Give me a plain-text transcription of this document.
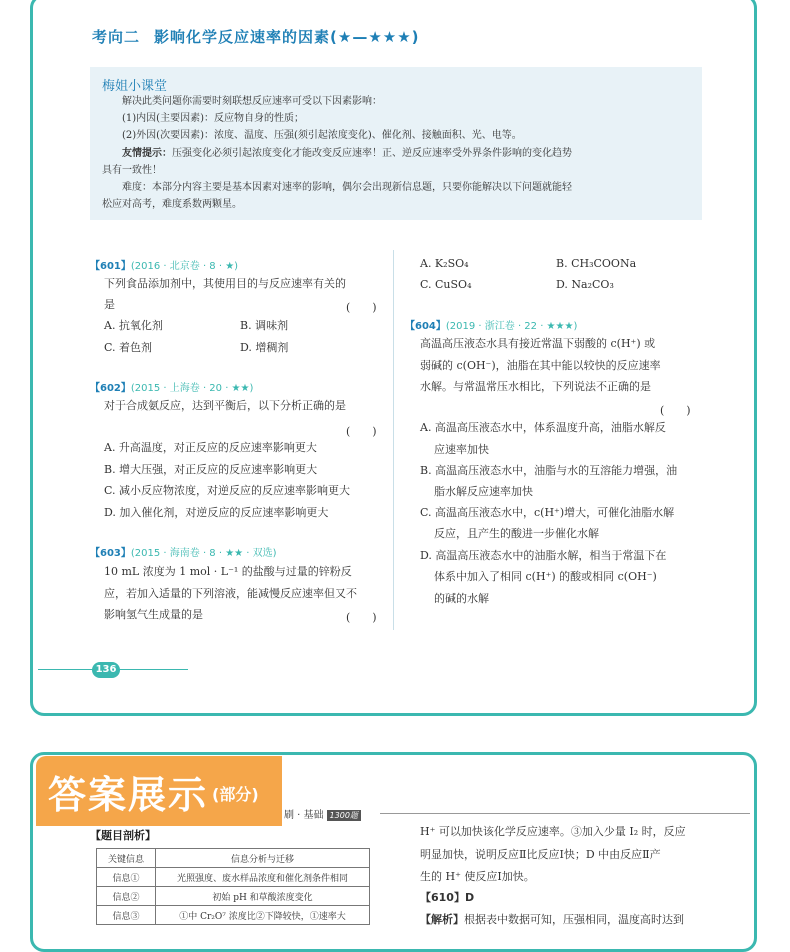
考向二 影响化学反应速率的因素(★—★★★)
梅姐小课堂

解决此类问题你需要时刻联想反应速率可受以下因素影响：

(1)内因(主要因素)：反应物自身的性质；

(2)外因(次要因素)：浓度、温度、压强(须引起浓度变化)、催化剂、接触面积、光、电等。

友情提示：压强变化必须引起浓度变化才能改变反应速率！正、逆反应速率受外界条件影响的变化趋势

具有一致性！

难度：本部分内容主要是基本因素对速率的影响，偶尔会出现新信息题，只要你能解决以下问题就能轻

松应对高考，难度系数两颗星。

【601】(2016 · 北京卷 · 8 · ★)
下列食品添加剂中，其使用目的与反应速率有关的
是	(　　)
A. 抗氧化剂	B. 调味剂
C. 着色剂	D. 增稠剂
【602】(2015 · 上海卷 · 20 · ★★)
对于合成氨反应，达到平衡后，以下分析正确的是
(　　)
A. 升高温度，对正反应的反应速率影响更大
B. 增大压强，对正反应的反应速率影响更大
C. 减小反应物浓度，对逆反应的反应速率影响更大
D. 加入催化剂，对逆反应的反应速率影响更大
【603】(2015 · 海南卷 · 8 · ★★ · 双选)
10 mL 浓度为 1 mol · L⁻¹ 的盐酸与过量的锌粉反
应，若加入适量的下列溶液，能减慢反应速率但又不
影响氢气生成量的是	(　　)
A. K₂SO₄	B. CH₃COONa
C. CuSO₄	D. Na₂CO₃
【604】(2019 · 浙江卷 · 22 · ★★★)
高温高压液态水具有接近常温下弱酸的 c(H⁺) 或
弱碱的 c(OH⁻)，油脂在其中能以较快的反应速率
水解。与常温常压水相比，下列说法不正确的是
(　　)
A. 高温高压液态水中，体系温度升高，油脂水解反
应速率加快
B. 高温高压液态水中，油脂与水的互溶能力增强，油
脂水解反应速率加快
C. 高温高压液态水中，c(H⁺)增大，可催化油脂水解
反应，且产生的酸进一步催化水解
D. 高温高压液态水中的油脂水解，相当于常温下在
体系中加入了相同 c(H⁺) 的酸或相同 c(OH⁻)
的碱的水解
136
答案展示 (部分)
刷 · 基础 1300题
【题目剖析】
关键信息	信息分析与迁移
信息①	光照强度、废水样品浓度和催化剂条件相同
信息②	初始 pH 和草酸浓度变化
信息③	①中 Cr₂O⁷ 浓度比②下降较快，①速率大
H⁺ 可以加快该化学反应速率。③加入少量 I₂ 时，反应
明显加快，说明反应Ⅱ比反应Ⅰ快；D 中由反应Ⅱ产
生的 H⁺ 使反应Ⅰ加快。
【610】D
【解析】根据表中数据可知，压强相同，温度高时达到
